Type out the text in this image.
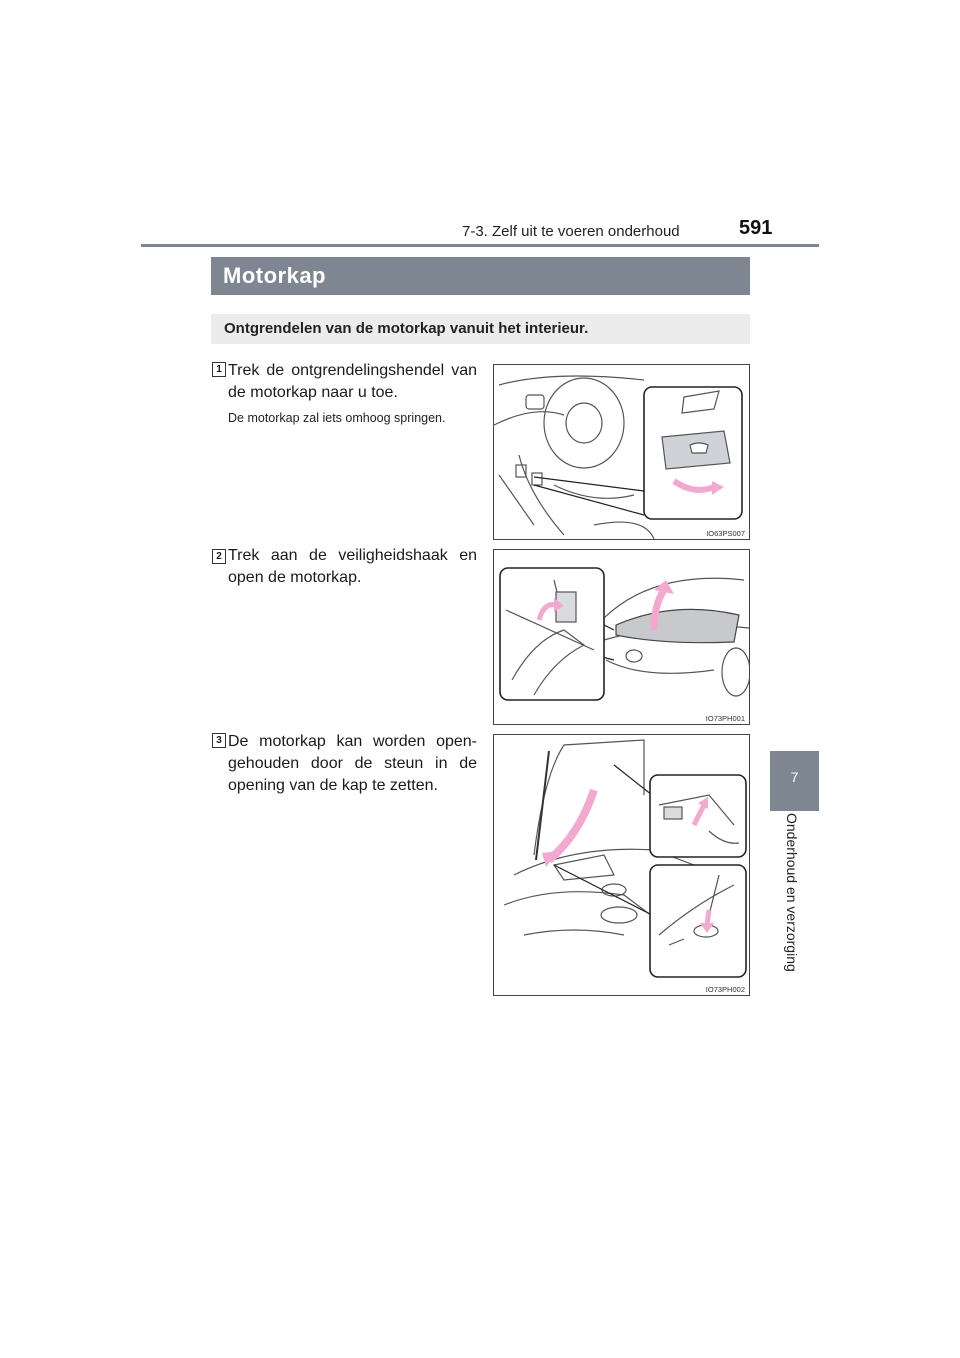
7-3. Zelf uit te voeren onderhoud	591
Motorkap
Ontgrendelen van de motorkap vanuit het interieur.
7
Onderhoud en verzorging
1 Trek de ontgrendelingshendel van de motorkap naar u toe.
De motorkap zal iets omhoog springen.
IO63PS007
2 Trek aan de veiligheidshaak en open de motorkap.
IO73PH001
3 De motorkap kan worden open-gehouden door de steun in de opening van de kap te zetten.
IO73PH002
